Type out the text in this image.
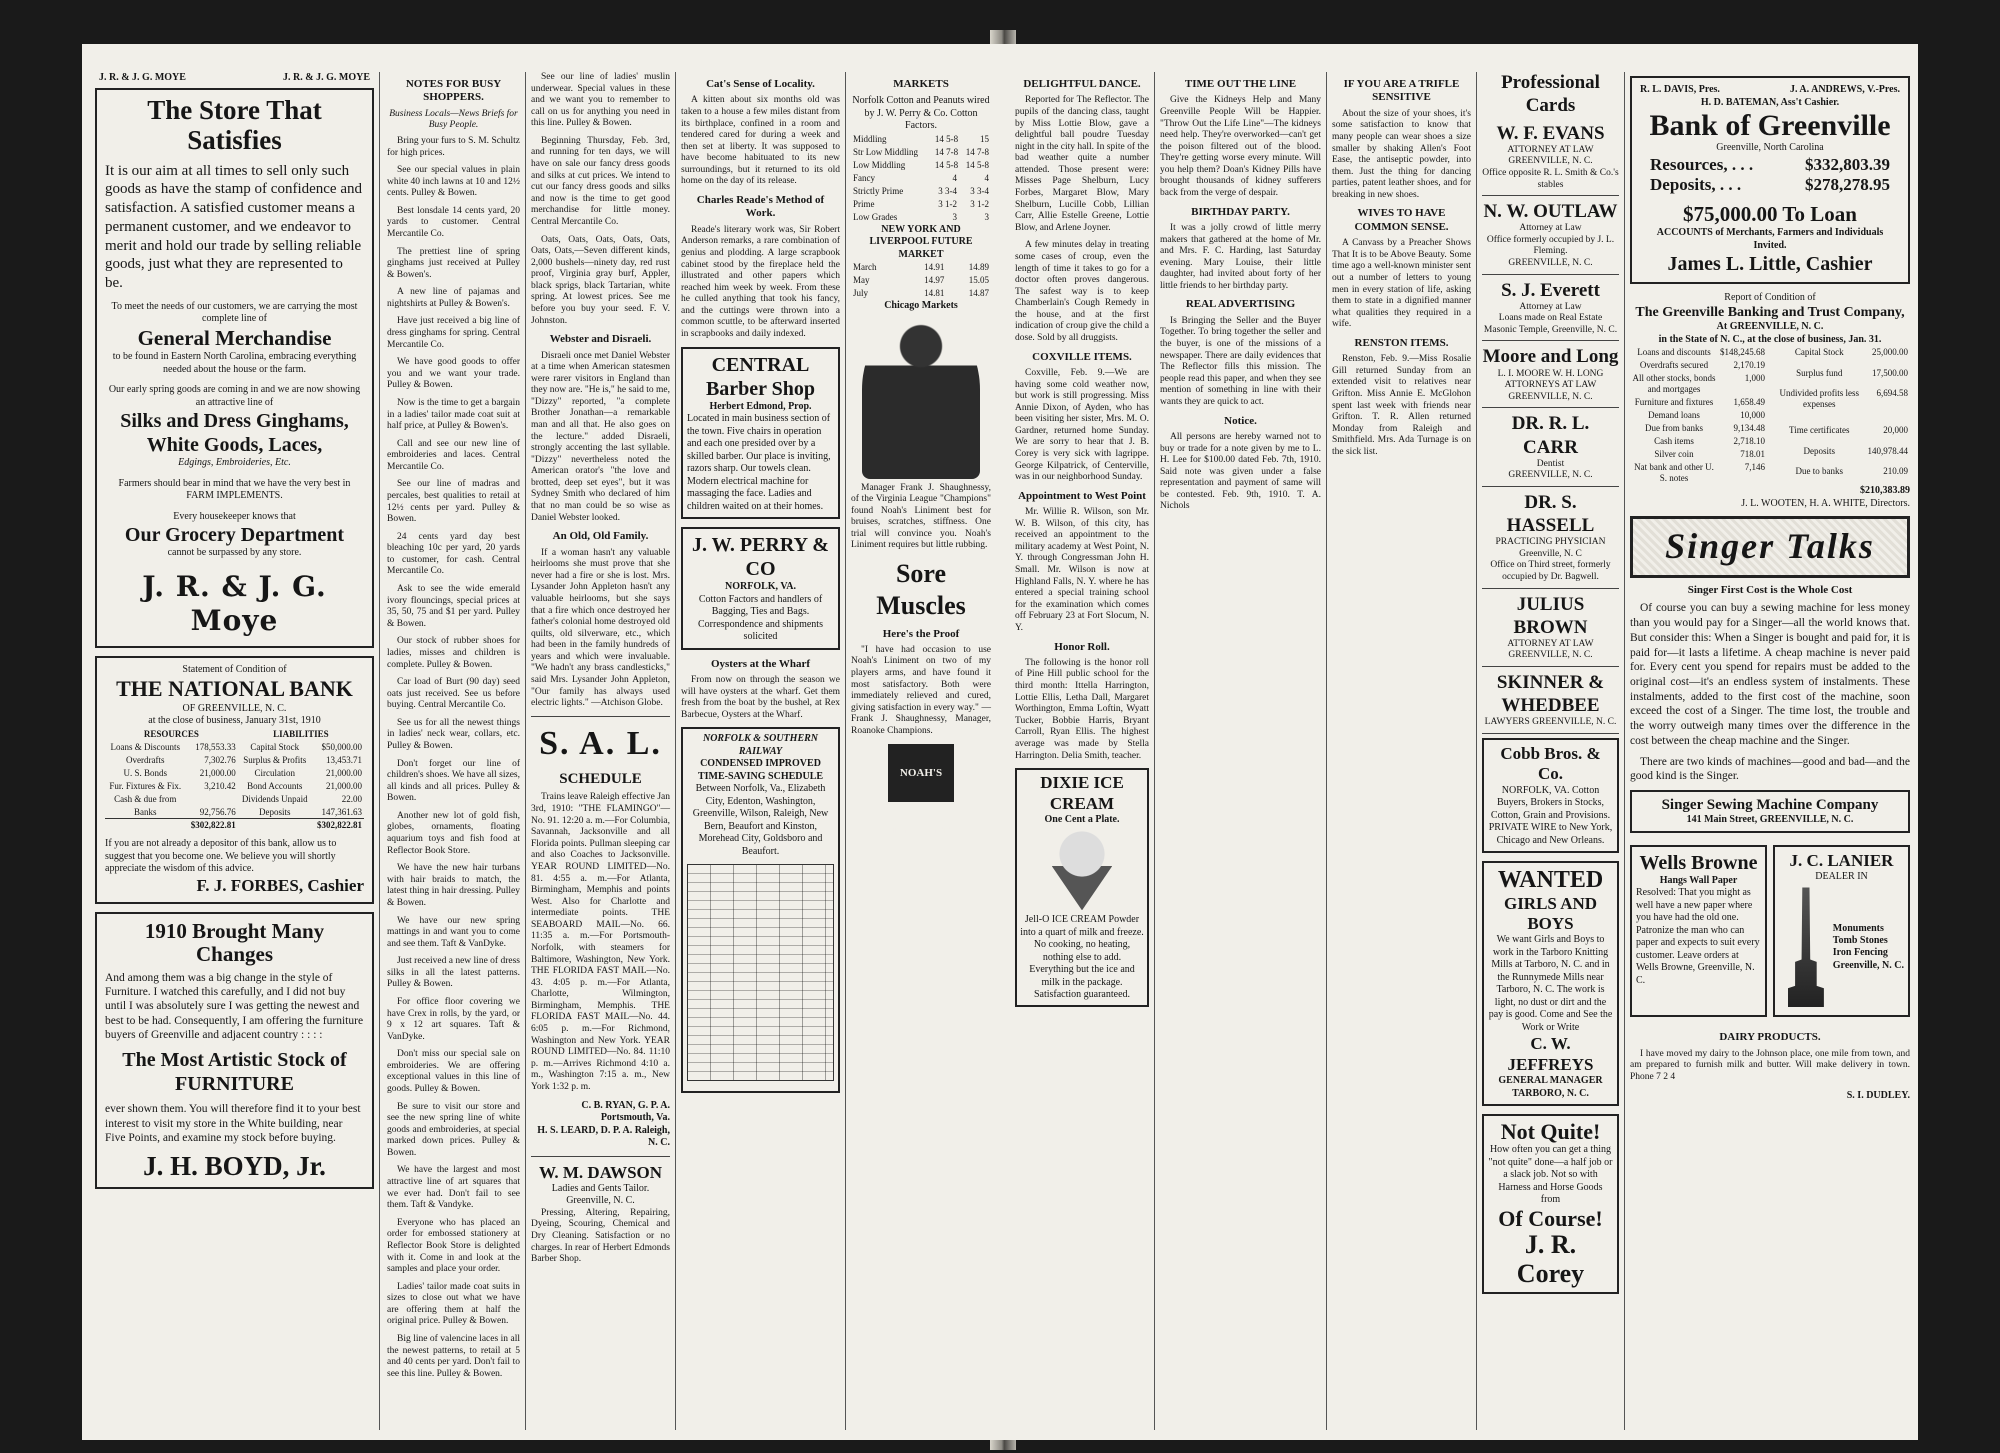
J. R. & J. G. MOYE	J. R. & J. G. MOYE
The Store That Satisfies
It is our aim at all times to sell only such goods as have the stamp of confidence and satisfaction. A satisfied customer means a permanent customer, and we endeavor to merit and hold our trade by selling reliable goods, just what they are represented to be.
To meet the needs of our customers, we are carrying the most complete line of
General Merchandise
to be found in Eastern North Carolina, embracing everything needed about the house or the farm.
Our early spring goods are coming in and we are now showing an attractive line of
Silks and Dress Ginghams, White Goods, Laces,
Edgings, Embroideries, Etc.
Farmers should bear in mind that we have the very best in FARM IMPLEMENTS.
Every housekeeper knows that
Our Grocery Department
cannot be surpassed by any store.
J. R. & J. G. Moye
Statement of Condition of
THE NATIONAL BANK
OF GREENVILLE, N. C.
at the close of business, January 31st, 1910
RESOURCES		LIABILITIES	
Loans & Discounts	178,553.33	Capital Stock	$50,000.00
Overdrafts	7,302.76	Surplus & Profits	13,453.71
U. S. Bonds	21,000.00	Circulation	21,000.00
Fur. Fixtures & Fix.	3,210.42	Bond Accounts	21,000.00
Cash & due from		Dividends Unpaid	22.00
Banks	92,756.76	Deposits	147,361.63
	$302,822.81		$302,822.81
If you are not already a depositor of this bank, allow us to suggest that you become one. We believe you will shortly appreciate the wisdom of this advice.
F. J. FORBES, Cashier
1910 Brought Many Changes
And among them was a big change in the style of Furniture. I watched this carefully, and I did not buy until I was absolutely sure I was getting the newest and best to be had. Consequently, I am offering the furniture buyers of Greenville and adjacent country : : : :
The Most Artistic Stock of FURNITURE
ever shown them. You will therefore find it to your best interest to visit my store in the White building, near Five Points, and examine my stock before buying.
J. H. BOYD, Jr.
NOTES FOR BUSY SHOPPERS.
Business Locals—News Briefs for Busy People.

Bring your furs to S. M. Schultz for high prices.

See our special values in plain white 40 inch lawns at 10 and 12½ cents. Pulley & Bowen.

Best lonsdale 14 cents yard, 20 yards to customer. Central Mercantile Co.

The prettiest line of spring ginghams just received at Pulley & Bowen's.

A new line of pajamas and nightshirts at Pulley & Bowen's.

Have just received a big line of dress ginghams for spring. Central Mercantile Co.

We have good goods to offer you and we want your trade. Pulley & Bowen.

Now is the time to get a bargain in a ladies' tailor made coat suit at half price, at Pulley & Bowen's.

Call and see our new line of embroideries and laces. Central Mercantile Co.

See our line of madras and percales, best qualities to retail at 12½ cents per yard. Pulley & Bowen.

24 cents yard day best bleaching 10c per yard, 20 yards to customer, for cash. Central Mercantile Co.

Ask to see the wide emerald ivory flouncings, special prices at 35, 50, 75 and $1 per yard. Pulley & Bowen.

Our stock of rubber shoes for ladies, misses and children is complete. Pulley & Bowen.

Car load of Burt (90 day) seed oats just received. See us before buying. Central Mercantile Co.

See us for all the newest things in ladies' neck wear, collars, etc. Pulley & Bowen.

Don't forget our line of children's shoes. We have all sizes, all kinds and all prices. Pulley & Bowen.

Another new lot of gold fish, globes, ornaments, floating aquarium toys and fish food at Reflector Book Store.

We have the new hair turbans with hair braids to match, the latest thing in hair dressing. Pulley & Bowen.

We have our new spring mattings in and want you to come and see them. Taft & VanDyke.

Just received a new line of dress silks in all the latest patterns. Pulley & Bowen.

For office floor covering we have Crex in rolls, by the yard, or 9 x 12 art squares. Taft & VanDyke.

Don't miss our special sale on embroideries. We are offering exceptional values in this line of goods. Pulley & Bowen.

Be sure to visit our store and see the new spring line of white goods and embroideries, at special marked down prices. Pulley & Bowen.

We have the largest and most attractive line of art squares that we ever had. Don't fail to see them. Taft & Vandyke.

Everyone who has placed an order for embossed stationery at Reflector Book Store is delighted with it. Come in and look at the samples and place your order.

Ladies' tailor made coat suits in sizes to close out what we have are offering them at half the original price. Pulley & Bowen.

Big line of valencine laces in all the newest patterns, to retail at 5 and 40 cents per yard. Don't fail to see this line. Pulley & Bowen.

See our line of ladies' muslin underwear. Special values in these and we want you to remember to call on us for anything you need in this line. Pulley & Bowen.

Beginning Thursday, Feb. 3rd, and running for ten days, we will have on sale our fancy dress goods and silks at cut prices. We intend to cut our fancy dress goods and silks and now is the time to get good merchandise for little money. Central Mercantile Co.

Oats, Oats, Oats, Oats, Oats, Oats, Oats,—Seven different kinds, 2,000 bushels—ninety day, red rust proof, Virginia gray burf, Appler, black sprigs, black Tartarian, white spring. At lowest prices. See me before you buy your seed. F. V. Johnston.

Webster and Disraeli.

Disraeli once met Daniel Webster at a time when American statesmen were rarer visitors in England than they now are. "He is," he said to me, "Dizzy" reported, "a complete Brother Jonathan—a remarkable man and all that. He also goes on the lecture." added Disraeli, strongly accenting the last syllable. "Dizzy" nevertheless noted the American orator's "the love and brotted, deep set eyes", but it was Sydney Smith who declared of him that no man could be so wise as Daniel Webster looked.

An Old, Old Family.

If a woman hasn't any valuable heirlooms she must prove that she never had a fire or she is lost. Mrs. Lysander John Appleton hasn't any valuable heirlooms, but she says that a fire which once destroyed her father's colonial home destroyed old quilts, old silverware, etc., which had been in the family hundreds of years and which were invaluable. "We hadn't any brass candlesticks," said Mrs. Lysander John Appleton, "Our family has always used electric lights." —Atchison Globe.

S. A. L.
SCHEDULE

Trains leave Raleigh effective Jan 3rd, 1910: "THE FLAMINGO"—No. 91. 12:20 a. m.—For Columbia, Savannah, Jacksonville and all Florida points. Pullman sleeping car and also Coaches to Jacksonville. YEAR ROUND LIMITED—No. 81. 4:55 a. m.—For Atlanta, Birmingham, Memphis and points West. Also for Charlotte and intermediate points. THE SEABOARD MAIL—No. 66. 11:35 a. m.—For Portsmouth-Norfolk, with steamers for Baltimore, Washington, New York. THE FLORIDA FAST MAIL—No. 43. 4:05 p. m.—For Atlanta, Charlotte, Wilmington, Birmingham, Memphis. THE FLORIDA FAST MAIL—No. 44. 6:05 p. m.—For Richmond, Washington and New York. YEAR ROUND LIMITED—No. 84. 11:10 p. m.—Arrives Richmond 4:10 a. m., Washington 7:15 a. m., New York 1:32 p. m.

C. B. RYAN, G. P. A. Portsmouth, Va.
H. S. LEARD, D. P. A. Raleigh, N. C.
W. M. DAWSON
Ladies and Gents Tailor. Greenville, N. C.

Pressing, Altering, Repairing, Dyeing, Scouring, Chemical and Dry Cleaning. Satisfaction or no charges. In rear of Herbert Edmonds Barber Shop.

Cat's Sense of Locality.

A kitten about six months old was taken to a house a few miles distant from its birthplace, confined in a room and tendered cared for during a week and then set at liberty. It was supposed to have become habituated to its new surroundings, but it returned to its old home on the day of its release.

Charles Reade's Method of Work.

Reade's literary work was, Sir Robert Anderson remarks, a rare combination of genius and plodding. A large scrapbook cabinet stood by the fireplace held the illustrated and other papers which reached him week by week. From these he culled anything that took his fancy, and the cuttings were thrown into a common scuttle, to be afterward inserted in scrapbooks and daily indexed.

CENTRAL Barber Shop
Herbert Edmond, Prop.
Located in main business section of the town. Five chairs in operation and each one presided over by a skilled barber. Our place is inviting, razors sharp. Our towels clean. Modern electrical machine for massaging the face. Ladies and children waited on at their homes.
J. W. PERRY & CO
NORFOLK, VA.
Cotton Factors and handlers of Bagging, Ties and Bags. Correspondence and shipments solicited
Oysters at the Wharf

From now on through the season we will have oysters at the wharf. Get them fresh from the boat by the bushel, at Rex Barbecue, Oysters at the Wharf.

NORFOLK & SOUTHERN RAILWAY
CONDENSED IMPROVED TIME-SAVING SCHEDULE
Between Norfolk, Va., Elizabeth City, Edenton, Washington, Greenville, Wilson, Raleigh, New Bern, Beaufort and Kinston, Morehead City, Goldsboro and Beaufort.
MARKETS
Norfolk Cotton and Peanuts wired by J. W. Perry & Co. Cotton Factors.
Middling	14 5-8	15
Str Low Middling	14 7-8	14 7-8
Low Middling	14 5-8	14 5-8
Fancy	4	4
Strictly Prime	3 3-4	3 3-4
Prime	3 1-2	3 1-2
Low Grades	3	3
NEW YORK AND LIVERPOOL FUTURE MARKET
March	14.91	14.89
May	14.97	15.05
July	14.81	14.87
Chicago Markets

Manager Frank J. Shaughnessy, of the Virginia League "Champions" found Noah's Liniment best for bruises, scratches, stiffness. One trial will convince you. Noah's Liniment requires but little rubbing.

Sore Muscles
Here's the Proof

"I have had occasion to use Noah's Liniment on two of my players arms, and have found it most satisfactory. Both were immediately relieved and cured, giving satisfaction in every way." —Frank J. Shaughnessy, Manager, Roanoke Champions.

NOAH'S LINIMENT
DELIGHTFUL DANCE.

Reported for The Reflector. The pupils of the dancing class, taught by Miss Lottie Blow, gave a delightful ball poudre Tuesday night in the city hall. In spite of the bad weather quite a number attended. Those present were: Misses Page Shelburn, Lucy Forbes, Margaret Blow, Mary Shelburn, Lucille Cobb, Lillian Carr, Allie Estelle Greene, Lottie Blow, and Arlene Joyner.

A few minutes delay in treating some cases of croup, even the length of time it takes to go for a doctor often proves dangerous. The safest way is to keep Chamberlain's Cough Remedy in the house, and at the first indication of croup give the child a dose. Sold by all druggists.

COXVILLE ITEMS.

Coxville, Feb. 9.—We are having some cold weather now, but work is still progressing. Miss Annie Dixon, of Ayden, who has been visiting her sister, Mrs. M. O. Gardner, returned home Sunday. We are sorry to hear that J. B. Corey is very sick with lagrippe. George Kilpatrick, of Centerville, was in our neighborhood Sunday.

Appointment to West Point

Mr. Willie R. Wilson, son Mr. W. B. Wilson, of this city, has received an appointment to the military academy at West Point, N. Y. through Congressman John H. Small. Mr. Wilson is now at Highland Falls, N. Y. where he has entered a special training school for the examination which comes off February 23 at Fort Slocum, N. Y.

Honor Roll.

The following is the honor roll of Pine Hill public school for the third month: Ittella Harrington, Lottie Ellis, Letha Dall, Margaret Worthington, Emma Loftin, Wyatt Tucker, Bobbie Harris, Bryant Carroll, Ryan Ellis. The highest average was made by Stella Harrington. Delia Smith, teacher.

DIXIE ICE CREAM
One Cent a Plate.
Jell-O ICE CREAM Powder into a quart of milk and freeze. No cooking, no heating, nothing else to add. Everything but the ice and milk in the package. Satisfaction guaranteed.
TIME OUT THE LINE

Give the Kidneys Help and Many Greenville People Will be Happier. "Throw Out the Life Line"—The kidneys need help. They're overworked—can't get the poison filtered out of the blood. They're getting worse every minute. Will you help them? Doan's Kidney Pills have brought thousands of kidney sufferers back from the verge of despair.

BIRTHDAY PARTY.

It was a jolly crowd of little merry makers that gathered at the home of Mr. and Mrs. F. C. Harding, last Saturday evening. Mary Louise, their little daughter, had invited about forty of her little friends to her birthday party.

REAL ADVERTISING

Is Bringing the Seller and the Buyer Together. To bring together the seller and the buyer, is one of the missions of a newspaper. There are daily evidences that The Reflector fills this mission. The people read this paper, and when they see mention of something in line with their wants they are quick to act.

Notice.

All persons are hereby warned not to buy or trade for a note given by me to L. H. Lee for $100.00 dated Feb. 7th, 1910. Said note was given under a false representation and payment of same will be contested. Feb. 9th, 1910. T. A. Nichols

IF YOU ARE A TRIFLE SENSITIVE

About the size of your shoes, it's some satisfaction to know that many people can wear shoes a size smaller by shaking Allen's Foot Ease, the antiseptic powder, into them. Just the thing for dancing parties, patent leather shoes, and for breaking in new shoes.

WIVES TO HAVE COMMON SENSE.

A Canvass by a Preacher Shows That It is to be Above Beauty. Some time ago a well-known minister sent out a number of letters to young men in every station of life, asking them to state in a dignified manner what qualities they required in a wife.

RENSTON ITEMS.

Renston, Feb. 9.—Miss Rosalie Gill returned Sunday from an extended visit to relatives near Grifton. Miss Annie E. McGlohon spent last week with friends near Grifton. T. R. Allen returned Monday from Raleigh and Smithfield. Mrs. Ada Turnage is on the sick list.

Professional Cards
W. F. EVANS
ATTORNEY AT LAW
GREENVILLE, N. C.
Office opposite R. L. Smith & Co.'s stables
N. W. OUTLAW
Attorney at Law
Office formerly occupied by J. L. Fleming.
GREENVILLE, N. C.
S. J. Everett
Attorney at Law
Loans made on Real Estate
Masonic Temple, Greenville, N. C.
Moore and Long
L. I. MOORE W. H. LONG
ATTORNEYS AT LAW
GREENVILLE, N. C.
DR. R. L. CARR
Dentist
GREENVILLE, N. C.
DR. S. HASSELL
PRACTICING PHYSICIAN
Greenville, N. C
Office on Third street, formerly occupied by Dr. Bagwell.
JULIUS BROWN
ATTORNEY AT LAW
GREENVILLE, N. C.
SKINNER & WHEDBEE
LAWYERS GREENVILLE, N. C.
Cobb Bros. & Co.
NORFOLK, VA. Cotton Buyers, Brokers in Stocks, Cotton, Grain and Provisions. PRIVATE WIRE to New York, Chicago and New Orleans.
WANTED
GIRLS AND BOYS
We want Girls and Boys to work in the Tarboro Knitting Mills at Tarboro, N. C. and in the Runnymede Mills near Tarboro, N. C. The work is light, no dust or dirt and the pay is good. Come and See the Work or Write
C. W. JEFFREYS
GENERAL MANAGER TARBORO, N. C.
Not Quite!
How often you can get a thing "not quite" done—a half job or a slack job. Not so with Harness and Horse Goods from
Of Course!
J. R. Corey
R. L. DAVIS, Pres.	J. A. ANDREWS, V.-Pres.
H. D. BATEMAN, Ass't Cashier.
Bank of Greenville
Greenville, North Carolina
Resources, . . .	$332,803.39
Deposits, . . .	$278,278.95
$75,000.00 To Loan
ACCOUNTS of Merchants, Farmers and Individuals Invited.
James L. Little, Cashier
Report of Condition of
The Greenville Banking and Trust Company,
At GREENVILLE, N. C.
in the State of N. C., at the close of business, Jan. 31.
Loans and discounts	$148,245.68
Overdrafts secured	2,170.19
All other stocks, bonds and mortgages	1,000
Furniture and fixtures	1,658.49
Demand loans	10,000
Due from banks	9,134.48
Cash items	2,718.10
Silver coin	718.01
Nat bank and other U. S. notes	7,146
Capital Stock	25,000.00
Surplus fund	17,500.00
Undivided profits less expenses	6,694.58
Time certificates	20,000
Deposits	140,978.44
Due to banks	210.09
$210,383.89
J. L. WOOTEN, H. A. WHITE, Directors.
Singer Talks
Singer First Cost is the Whole Cost

Of course you can buy a sewing machine for less money than you would pay for a Singer—all the world knows that. But consider this: When a Singer is bought and paid for, it is paid for—it lasts a lifetime. A cheap machine is never paid for. Every cent you spend for repairs must be added to the original cost—it's an endless system of instalments. These instalments, added to the first cost of the machine, soon exceed the cost of a Singer. The time lost, the trouble and the worry outweigh many times over the difference in the cost between the cheap machine and the Singer.

There are two kinds of machines—good and bad—and the good kind is the Singer.

Singer Sewing Machine Company
141 Main Street, GREENVILLE, N. C.
Wells Browne
Hangs Wall Paper
Resolved: That you might as well have a new paper where you have had the old one. Patronize the man who can paper and expects to suit every customer. Leave orders at Wells Browne, Greenville, N. C.
J. C. LANIER
DEALER IN
Monuments
Tomb Stones
Iron Fencing
Greenville, N. C.
DAIRY PRODUCTS.

I have moved my dairy to the Johnson place, one mile from town, and am prepared to furnish milk and butter. Will make delivery in town. Phone 7 2 4

S. I. DUDLEY.
